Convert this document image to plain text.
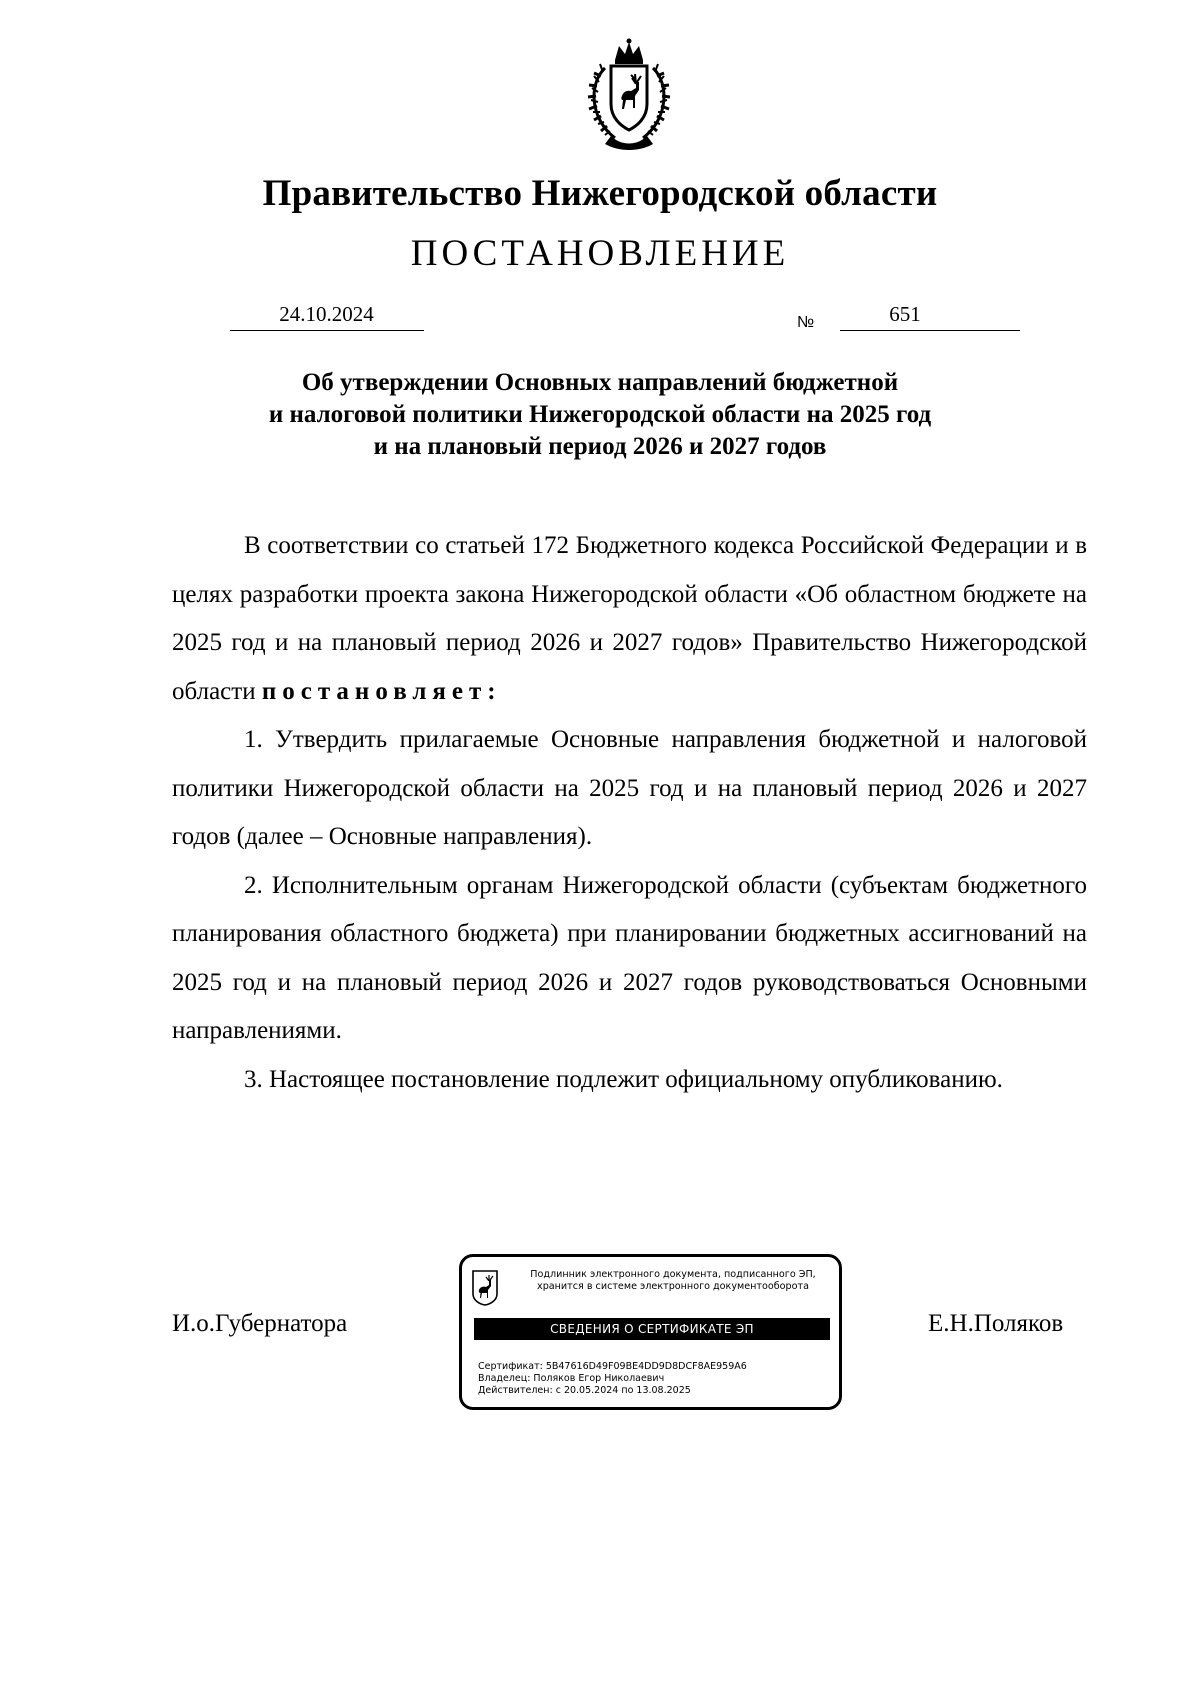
Правительство Нижегородской области
ПОСТАНОВЛЕНИЕ
24.10.2024	№	651
Об утверждении Основных направлений бюджетной
и налоговой политики Нижегородской области на 2025 год
и на плановый период 2026 и 2027 годов

В соответствии со статьей 172 Бюджетного кодекса Российской Федерации и в целях разработки проекта закона Нижегородской области «Об областном бюджете на 2025 год и на плановый период 2026 и 2027 годов» Правительство Нижегородской области постановляет:

1. Утвердить прилагаемые Основные направления бюджетной и налоговой политики Нижегородской области на 2025 год и на плановый период 2026 и 2027 годов (далее – Основные направления).

2. Исполнительным органам Нижегородской области (субъектам бюджетного планирования областного бюджета) при планировании бюджетных ассигнований на 2025 год и на плановый период 2026 и 2027 годов руководствоваться Основными направлениями.

3. Настоящее постановление подлежит официальному опубликованию.

И.о.Губернатора	Е.Н.Поляков
Подлинник электронного документа, подписанного ЭП,
хранится в системе электронного документооборота
СВЕДЕНИЯ О СЕРТИФИКАТЕ ЭП
Сертификат: 5B47616D49F09BE4DD9D8DCF8AE959A6
Владелец: Поляков Егор Николаевич
Действителен: с 20.05.2024 по 13.08.2025
